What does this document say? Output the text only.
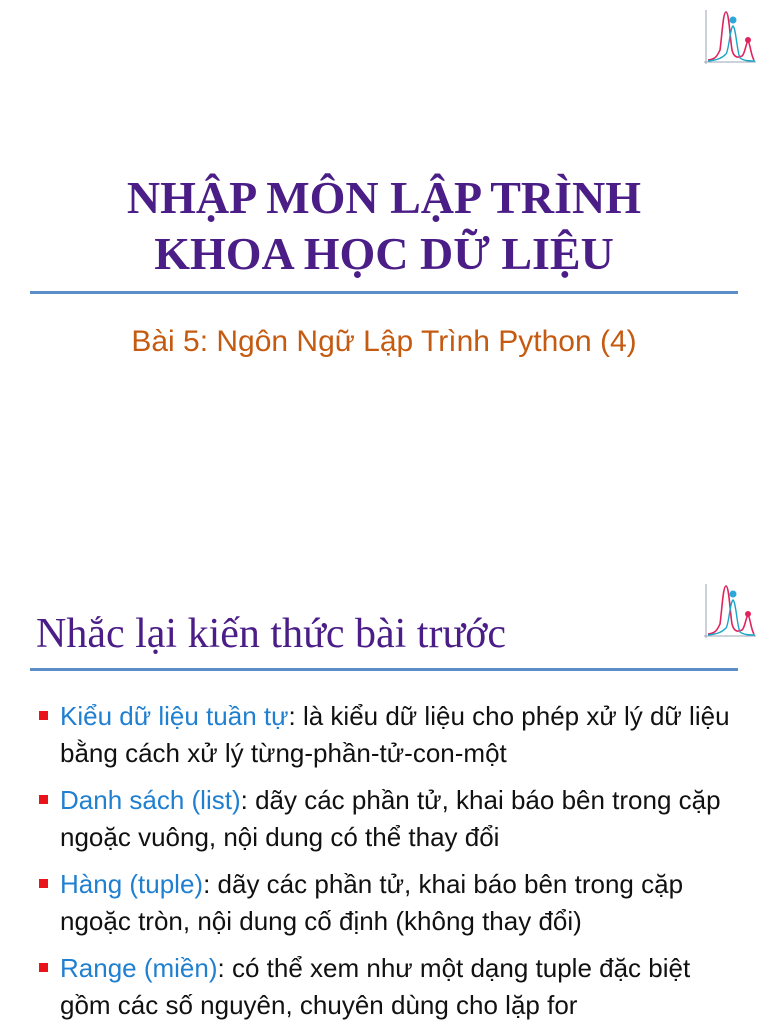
NHẬP MÔN LẬP TRÌNH
KHOA HỌC DỮ LIỆU
Bài 5: Ngôn Ngữ Lập Trình Python (4)
Nhắc lại kiến thức bài trước
Kiểu dữ liệu tuần tự: là kiểu dữ liệu cho phép xử lý dữ liệu bằng cách xử lý từng-phần-tử-con-một
Danh sách (list): dãy các phần tử, khai báo bên trong cặp ngoặc vuông, nội dung có thể thay đổi
Hàng (tuple): dãy các phần tử, khai báo bên trong cặp ngoặc tròn, nội dung cố định (không thay đổi)
Range (miền): có thể xem như một dạng tuple đặc biệt gồm các số nguyên, chuyên dùng cho lặp for
